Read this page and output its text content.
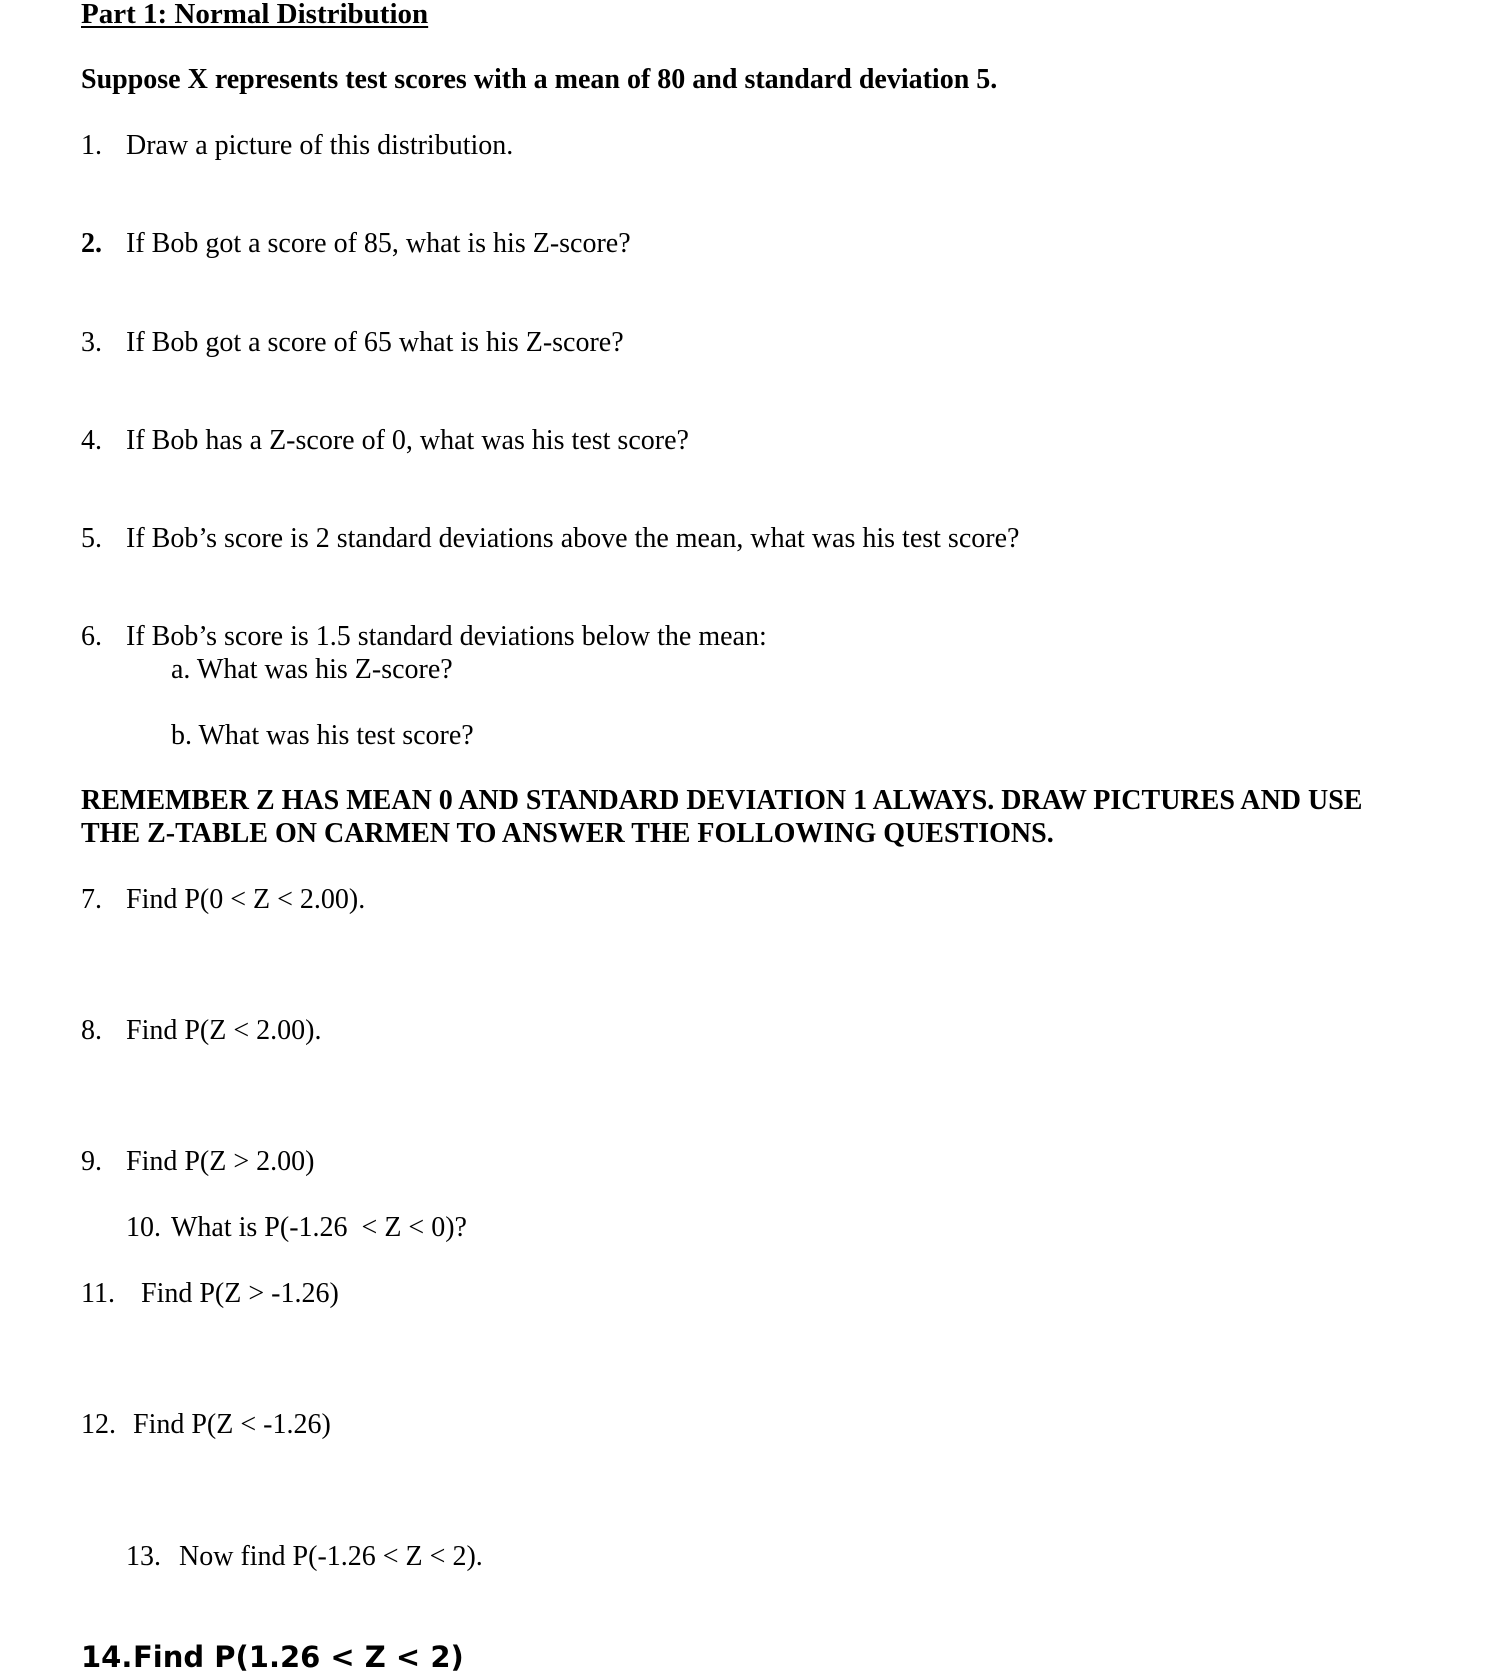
Part 1: Normal Distribution
Suppose X represents test scores with a mean of 80 and standard deviation 5.
1. Draw a picture of this distribution.
2. If Bob got a score of 85, what is his Z-score?
3. If Bob got a score of 65 what is his Z-score?
4. If Bob has a Z-score of 0, what was his test score?
5. If Bob’s score is 2 standard deviations above the mean, what was his test score?
6. If Bob’s score is 1.5 standard deviations below the mean:
a. What was his Z-score?
b. What was his test score?
REMEMBER Z HAS MEAN 0 AND STANDARD DEVIATION 1 ALWAYS. DRAW PICTURES AND USE THE Z-TABLE ON CARMEN TO ANSWER THE FOLLOWING QUESTIONS.
7. Find P(0 < Z < 2.00).
8. Find P(Z < 2.00).
9. Find P(Z > 2.00)
10. What is P(-1.26  < Z < 0)?
11. Find P(Z > -1.26)
12. Find P(Z < -1.26)
13. Now find P(-1.26 < Z < 2).
14. Find P(1.26 < Z < 2)
